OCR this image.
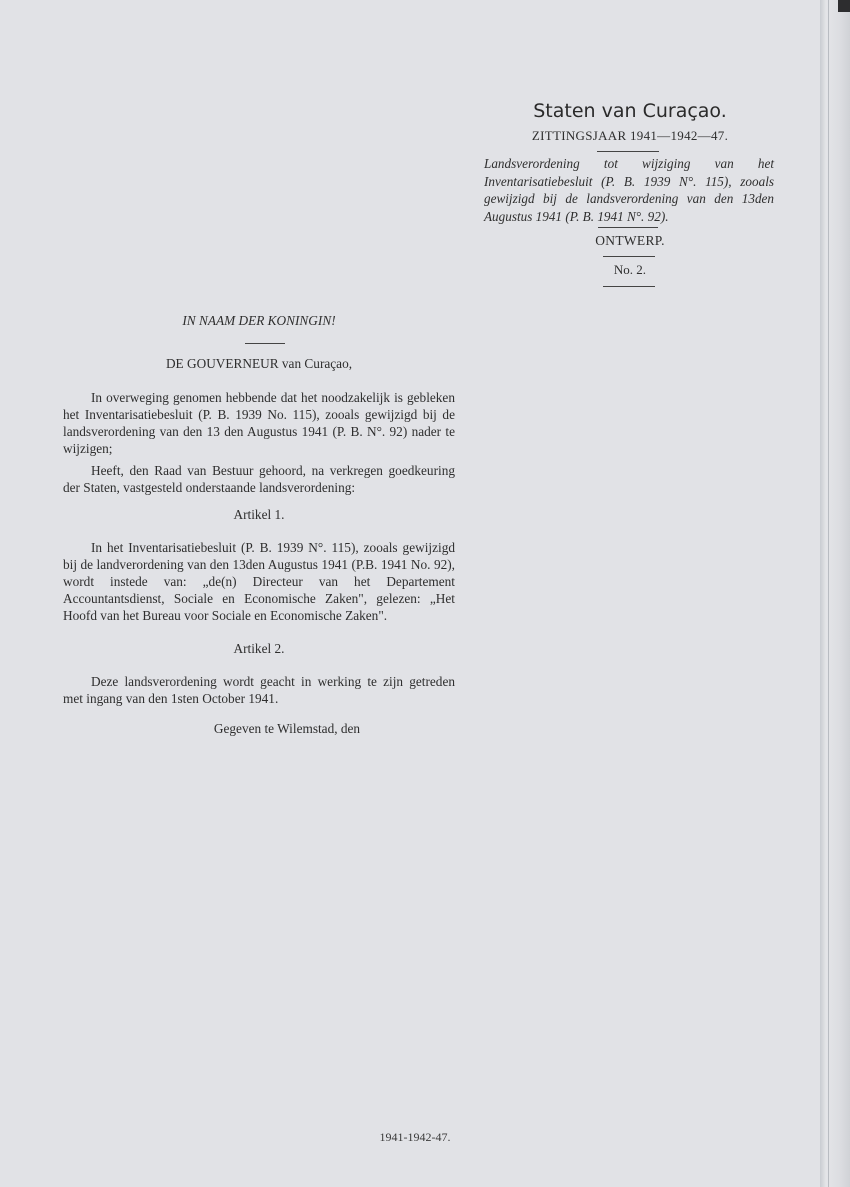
Staten van Curaçao.
ZITTINGSJAAR 1941—1942—47.
Landsverordening tot wijziging van het Inventarisatiebesluit (P. B. 1939 N°. 115), zooals gewijzigd bij de landsverordening van den 13den Augustus 1941 (P. B. 1941 N°. 92).
ONTWERP.
No. 2.
IN NAAM DER KONINGIN!
DE GOUVERNEUR van Curaçao,
In overweging genomen hebbende dat het noodzakelijk is gebleken het Inventarisatiebesluit (P. B. 1939 No. 115), zooals gewijzigd bij de landsverordening van den 13 den Augustus 1941 (P. B. N°. 92) nader te wijzigen;
Heeft, den Raad van Bestuur gehoord, na verkregen goedkeuring der Staten, vastgesteld onderstaande landsverordening:
Artikel 1.
In het Inventarisatiebesluit (P. B. 1939 N°. 115), zooals gewijzigd bij de landverordening van den 13den Augustus 1941 (P.B. 1941 No. 92), wordt instede van: „de(n) Directeur van het Departement Accountantsdienst, Sociale en Economische Zaken", gelezen: „Het Hoofd van het Bureau voor Sociale en Economische Zaken".
Artikel 2.
Deze landsverordening wordt geacht in werking te zijn getreden met ingang van den 1sten October 1941.
Gegeven te Wilemstad, den
1941-1942-47.
